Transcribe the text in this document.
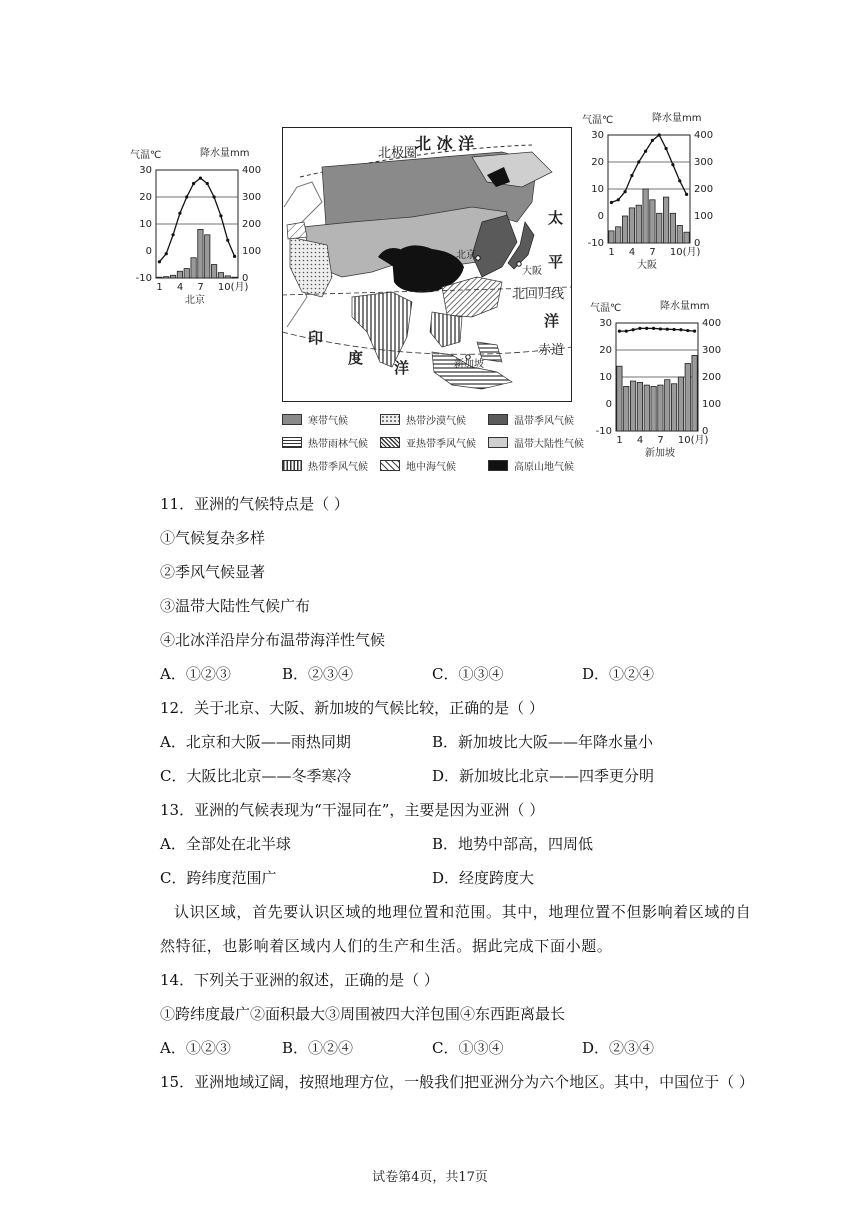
气温℃	降水量mm
30
20
10
0
-10
400
300
200
100
0
1 4 7 10(月)
北京
气温℃	降水量mm
30
20
10
0
-10
400
300
200
100
0
1 4 7 10(月)
大阪
气温℃	降水量mm
30
20
10
0
-10
400
300
200
100
0
1 4 7 10(月)
新加坡
北 冰 洋
北极圈
太
平
洋
北回归线
赤道
印
度
洋
北京
大阪
新加坡
寒带气候	热带沙漠气候	温带季风气候
热带雨林气候	亚热带季风气候	温带大陆性气候
热带季风气候	地中海气候	高原山地气候
11．亚洲的气候特点是（ ）
①气候复杂多样
②季风气候显著
③温带大陆性气候广布
④北冰洋沿岸分布温带海洋性气候
A．①②③	B．②③④	C．①③④	D．①②④
12．关于北京、大阪、新加坡的气候比较，正确的是（ ）
A．北京和大阪——雨热同期	B．新加坡比大阪——年降水量小
C．大阪比北京——冬季寒冷	D．新加坡比北京——四季更分明
13．亚洲的气候表现为“干湿同在”，主要是因为亚洲（ ）
A．全部处在北半球	B．地势中部高，四周低
C．跨纬度范围广	D．经度跨度大
认识区域，首先要认识区域的地理位置和范围。其中，地理位置不但影响着区域的自
然特征，也影响着区域内人们的生产和生活。据此完成下面小题。
14．下列关于亚洲的叙述，正确的是（ ）
①跨纬度最广②面积最大③周围被四大洋包围④东西距离最长
A．①②③	B．①②④	C．①③④	D．②③④
15．亚洲地域辽阔，按照地理方位，一般我们把亚洲分为六个地区。其中，中国位于（ ）
试卷第4页，共17页
